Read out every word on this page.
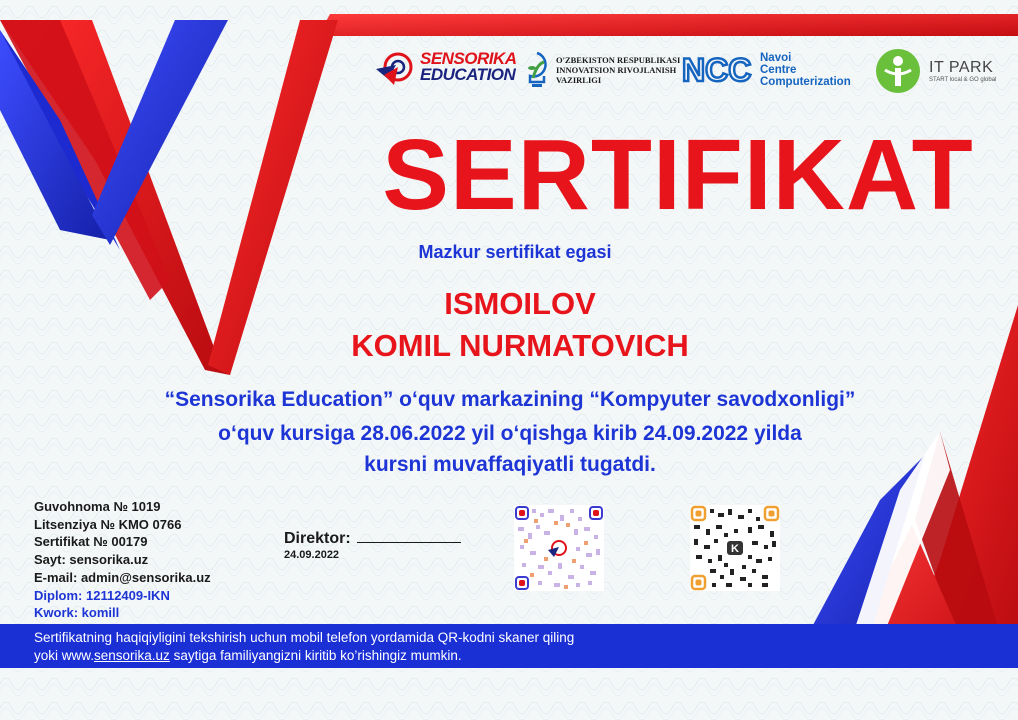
SENSORIKA
EDUCATION
O'ZBEKISTON RESPUBLIKASI
INNOVATSION RIVOJLANISH
VAZIRLIGI	NCC Navoi
Centre
Computerization
IT PARK
START local & GO global
SERTIFIKAT
Mazkur sertifikat egasi
ISMOILOV
KOMIL NURMATOVICH
“Sensorika Education” o‘quv markazining “Kompyuter savodxonligi”
o‘quv kursiga 28.06.2022 yil o‘qishga kirib 24.09.2022 yilda
kursni muvaffaqiyatli tugatdi.
Guvohnoma № 1019
Litsenziya № KMO 0766
Sertifikat № 00179
Sayt: sensorika.uz
E-mail: admin@sensorika.uz
Diplom: 12112409-IKN
Kwork: komill
Direktor:
24.09.2022	K
Sertifikatning haqiqiyligini tekshirish uchun mobil telefon yordamida QR-kodni skaner qiling
yoki www.sensorika.uz saytiga familiyangizni kiritib ko’rishingiz mumkin.
